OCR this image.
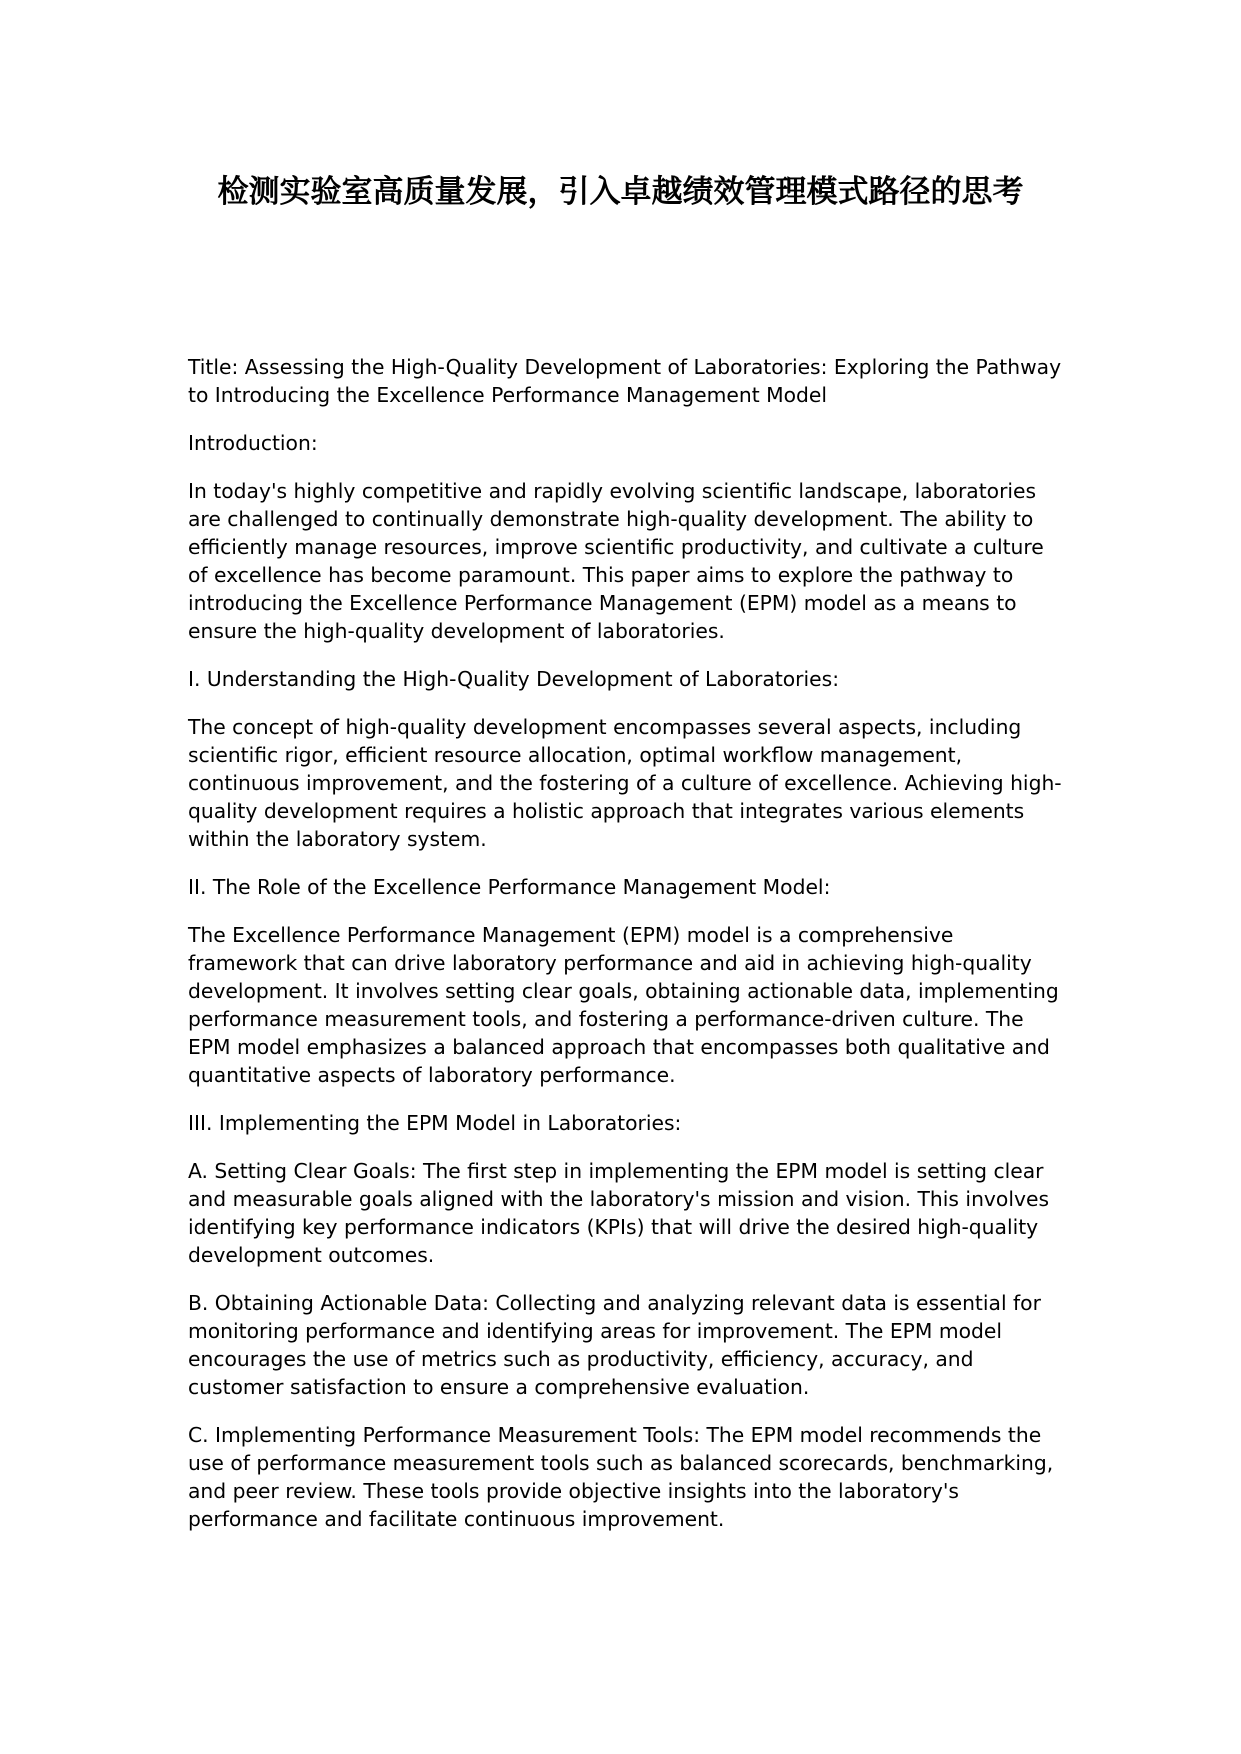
检测实验室高质量发展，引入卓越绩效管理模式路径的思考

Title: Assessing the High-Quality Development of Laboratories: Exploring the Pathway to Introducing the Excellence Performance Management Model

Introduction:

In today's highly competitive and rapidly evolving scientific landscape, laboratories are challenged to continually demonstrate high-quality development. The ability to efficiently manage resources, improve scientific productivity, and cultivate a culture of excellence has become paramount. This paper aims to explore the pathway to introducing the Excellence Performance Management (EPM) model as a means to ensure the high-quality development of laboratories.

I. Understanding the High-Quality Development of Laboratories:

The concept of high-quality development encompasses several aspects, including scientific rigor, efficient resource allocation, optimal workflow management, continuous improvement, and the fostering of a culture of excellence. Achieving high-quality development requires a holistic approach that integrates various elements within the laboratory system.

II. The Role of the Excellence Performance Management Model:

The Excellence Performance Management (EPM) model is a comprehensive framework that can drive laboratory performance and aid in achieving high-quality development. It involves setting clear goals, obtaining actionable data, implementing performance measurement tools, and fostering a performance-driven culture. The EPM model emphasizes a balanced approach that encompasses both qualitative and quantitative aspects of laboratory performance.

III. Implementing the EPM Model in Laboratories:

A. Setting Clear Goals: The first step in implementing the EPM model is setting clear and measurable goals aligned with the laboratory's mission and vision. This involves identifying key performance indicators (KPIs) that will drive the desired high-quality development outcomes.

B. Obtaining Actionable Data: Collecting and analyzing relevant data is essential for monitoring performance and identifying areas for improvement. The EPM model encourages the use of metrics such as productivity, efficiency, accuracy, and customer satisfaction to ensure a comprehensive evaluation.

C. Implementing Performance Measurement Tools: The EPM model recommends the use of performance measurement tools such as balanced scorecards, benchmarking, and peer review. These tools provide objective insights into the laboratory's performance and facilitate continuous improvement.
